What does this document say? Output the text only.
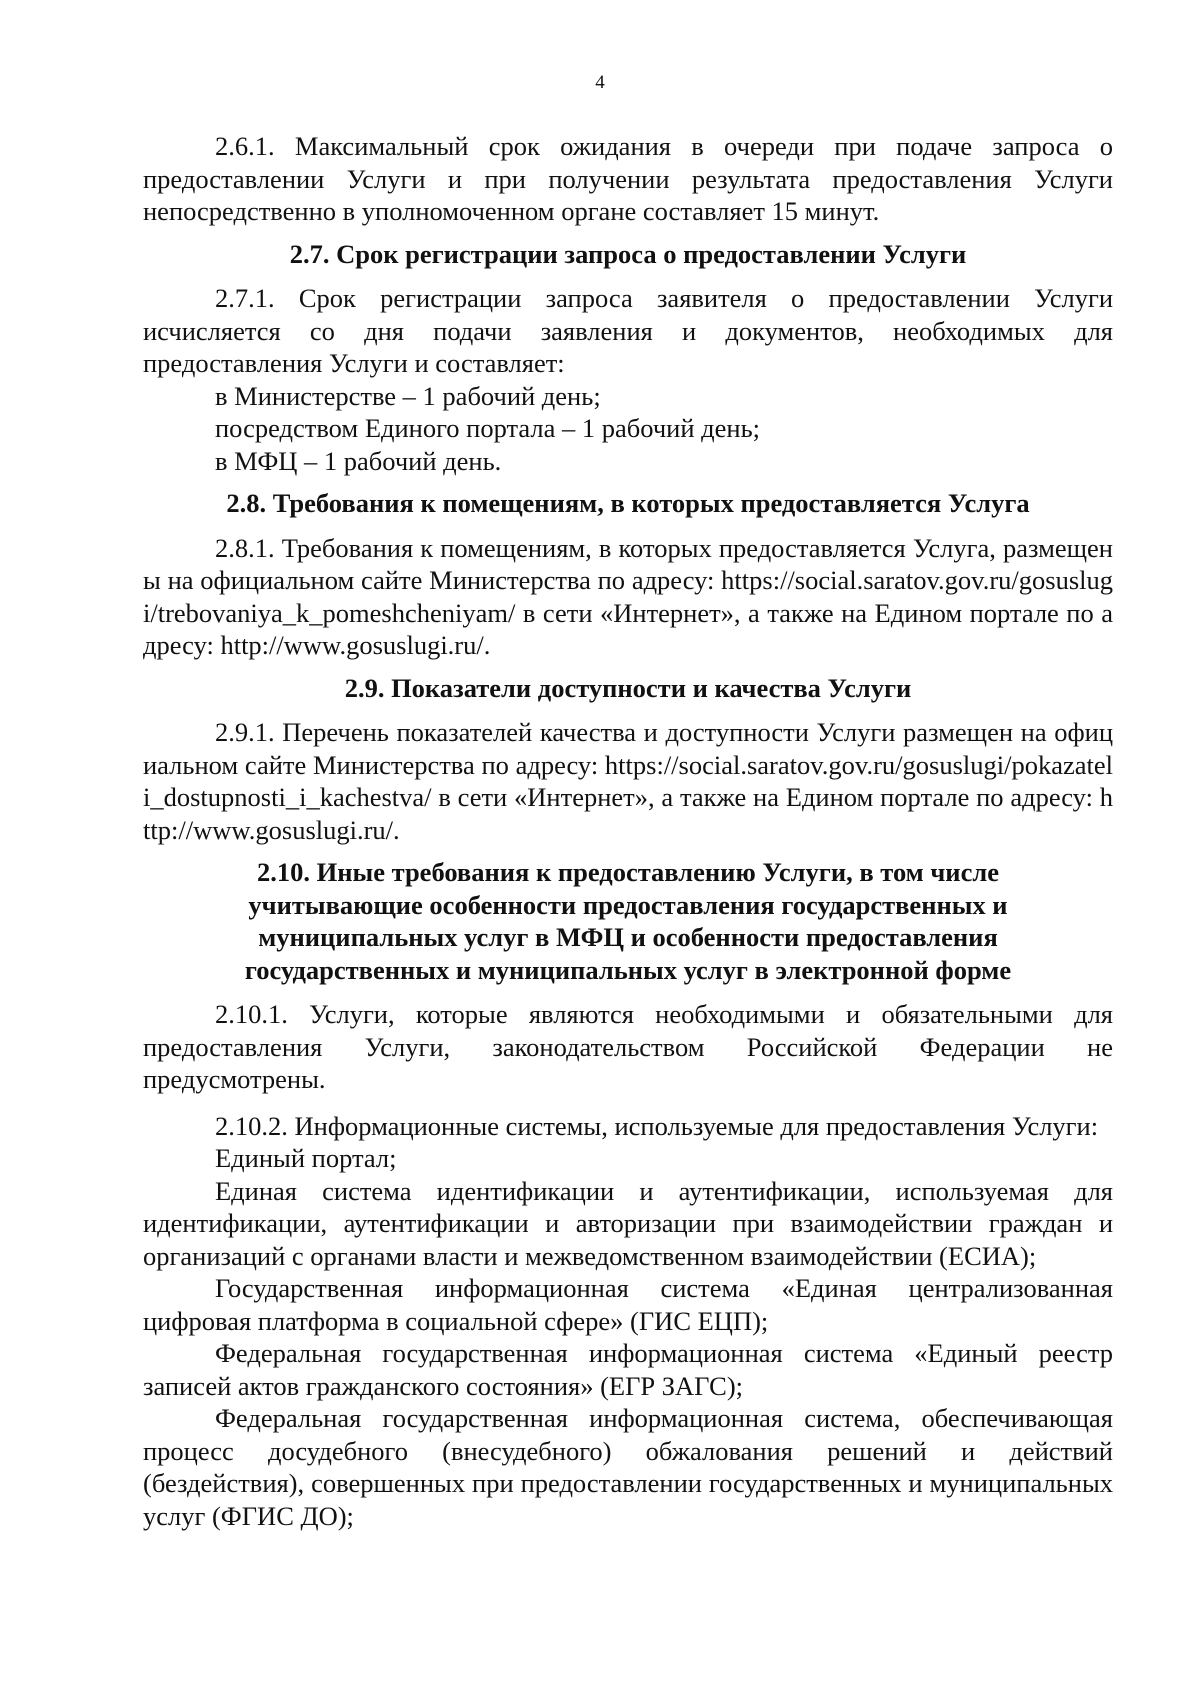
4

2.6.1. Максимальный срок ожидания в очереди при подаче запроса о предоставлении Услуги и при получении результата предоставления Услуги непосредственно в уполномоченном органе составляет 15 минут.

2.7. Срок регистрации запроса о предоставлении Услуги

2.7.1. Срок регистрации запроса заявителя о предоставлении Услуги исчисляется со дня подачи заявления и документов, необходимых для предоставления Услуги и составляет:

в Министерстве – 1 рабочий день;

посредством Единого портала – 1 рабочий день;

в МФЦ – 1 рабочий день.

2.8. Требования к помещениям, в которых предоставляется Услуга

2.8.1. Требования к помещениям, в которых предоставляется Услуга, размещены на официальном сайте Министерства по адресу: https://social.saratov.gov.ru/gosuslugi/trebovaniya_k_pomeshcheniyam/ в сети «Интернет», а также на Едином портале по адресу: http://www.gosuslugi.ru/.

2.9. Показатели доступности и качества Услуги

2.9.1. Перечень показателей качества и доступности Услуги размещен на официальном сайте Министерства по адресу: https://social.saratov.gov.ru/gosuslugi/pokazateli_dostupnosti_i_kachestva/ в сети «Интернет», а также на Едином портале по адресу: http://www.gosuslugi.ru/.

2.10. Иные требования к предоставлению Услуги, в том числе
учитывающие особенности предоставления государственных и
муниципальных услуг в МФЦ и особенности предоставления
государственных и муниципальных услуг в электронной форме

2.10.1. Услуги, которые являются необходимыми и обязательными для предоставления Услуги, законодательством Российской Федерации не предусмотрены.

2.10.2. Информационные системы, используемые для предоставления Услуги:

Единый портал;

Единая система идентификации и аутентификации, используемая для идентификации, аутентификации и авторизации при взаимодействии граждан и организаций с органами власти и межведомственном взаимодействии (ЕСИА);

Государственная информационная система «Единая централизованная цифровая платформа в социальной сфере» (ГИС ЕЦП);

Федеральная государственная информационная система «Единый реестр записей актов гражданского состояния» (ЕГР ЗАГС);

Федеральная государственная информационная система, обеспечивающая процесс досудебного (внесудебного) обжалования решений и действий (бездействия), совершенных при предоставлении государственных и муниципальных услуг (ФГИС ДО);
